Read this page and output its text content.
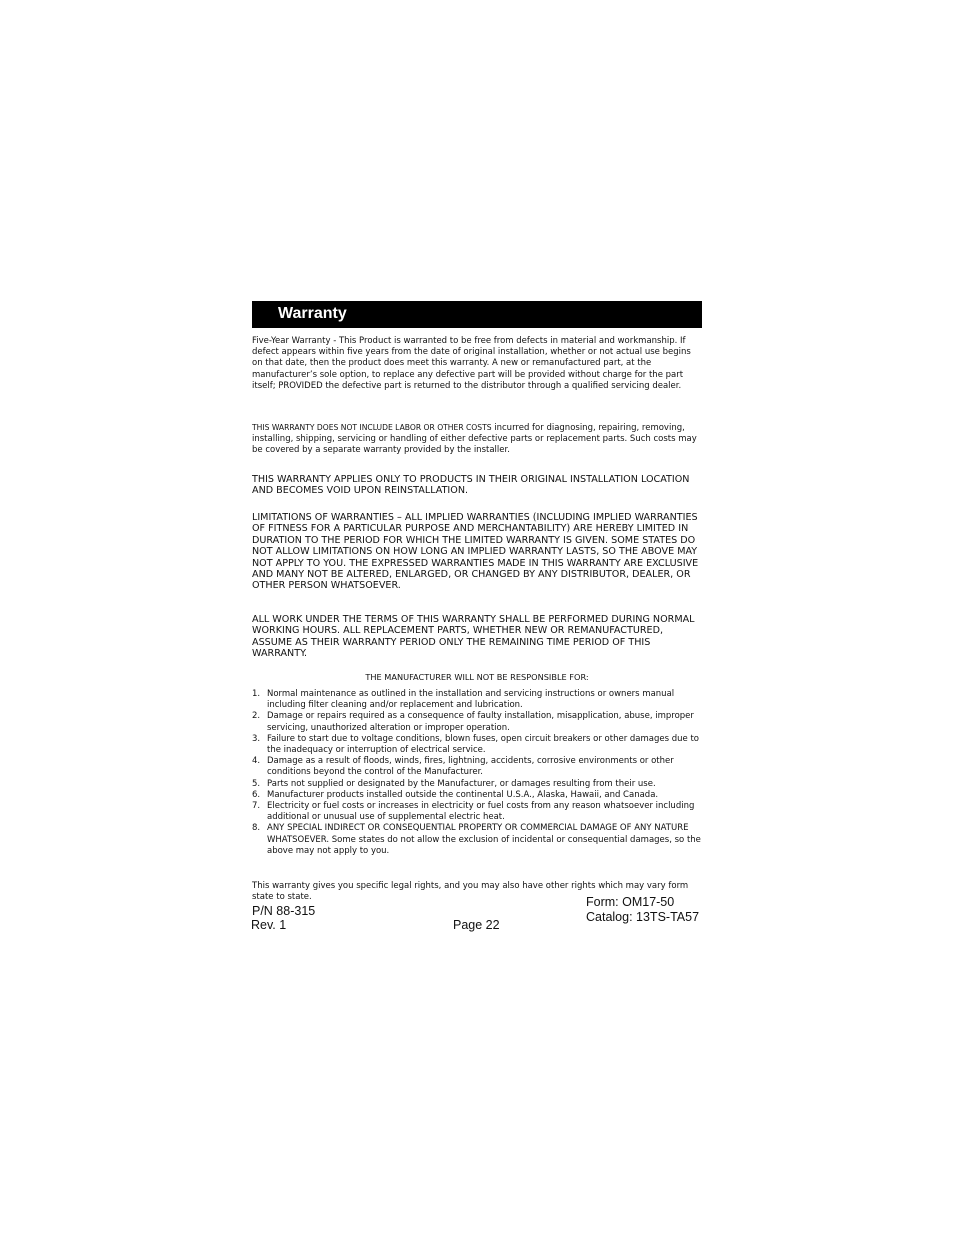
Warranty

Five-Year Warranty - This Product is warranted to be free from defects in material and workmanship. If defect appears within five years from the date of original installation, whether or not actual use begins on that date, then the product does meet this warranty. A new or remanufactured part, at the manufacturer’s sole option, to replace any defective part will be provided without charge for the part itself; PROVIDED the defective part is returned to the distributor through a qualified servicing dealer.

THIS WARRANTY DOES NOT INCLUDE LABOR OR OTHER COSTS incurred for diagnosing, repairing, removing, installing, shipping, servicing or handling of either defective parts or replacement parts. Such costs may be covered by a separate warranty provided by the installer.

THIS WARRANTY APPLIES ONLY TO PRODUCTS IN THEIR ORIGINAL INSTALLATION LOCATION AND BECOMES VOID UPON REINSTALLATION.

LIMITATIONS OF WARRANTIES – ALL IMPLIED WARRANTIES (INCLUDING IMPLIED WARRANTIES OF FITNESS FOR A PARTICULAR PURPOSE AND MERCHANTABILITY) ARE HEREBY LIMITED IN DURATION TO THE PERIOD FOR WHICH THE LIMITED WARRANTY IS GIVEN. SOME STATES DO NOT ALLOW LIMITATIONS ON HOW LONG AN IMPLIED WARRANTY LASTS, SO THE ABOVE MAY NOT APPLY TO YOU. THE EXPRESSED WARRANTIES MADE IN THIS WARRANTY ARE EXCLUSIVE AND MANY NOT BE ALTERED, ENLARGED, OR CHANGED BY ANY DISTRIBUTOR, DEALER, OR OTHER PERSON WHATSOEVER.

ALL WORK UNDER THE TERMS OF THIS WARRANTY SHALL BE PERFORMED DURING NORMAL WORKING HOURS. ALL REPLACEMENT PARTS, WHETHER NEW OR REMANUFACTURED, ASSUME AS THEIR WARRANTY PERIOD ONLY THE REMAINING TIME PERIOD OF THIS WARRANTY.

THE MANUFACTURER WILL NOT BE RESPONSIBLE FOR:

1. Normal maintenance as outlined in the installation and servicing instructions or owners manual including filter cleaning and/or replacement and lubrication.
2. Damage or repairs required as a consequence of faulty installation, misapplication, abuse, improper servicing, unauthorized alteration or improper operation.
3. Failure to start due to voltage conditions, blown fuses, open circuit breakers or other damages due to the inadequacy or interruption of electrical service.
4. Damage as a result of floods, winds, fires, lightning, accidents, corrosive environments or other conditions beyond the control of the Manufacturer.
5. Parts not supplied or designated by the Manufacturer, or damages resulting from their use.
6. Manufacturer products installed outside the continental U.S.A., Alaska, Hawaii, and Canada.
7. Electricity or fuel costs or increases in electricity or fuel costs from any reason whatsoever including additional or unusual use of supplemental electric heat.
8. ANY SPECIAL INDIRECT OR CONSEQUENTIAL PROPERTY OR COMMERCIAL DAMAGE OF ANY NATURE WHATSOEVER. Some states do not allow the exclusion of incidental or consequential damages, so the above may not apply to you.

This warranty gives you specific legal rights, and you may also have other rights which may vary form state to state.

P/N 88-315
Rev. 1	Page 22
Form: OM17-50
Catalog: 13TS-TA57
